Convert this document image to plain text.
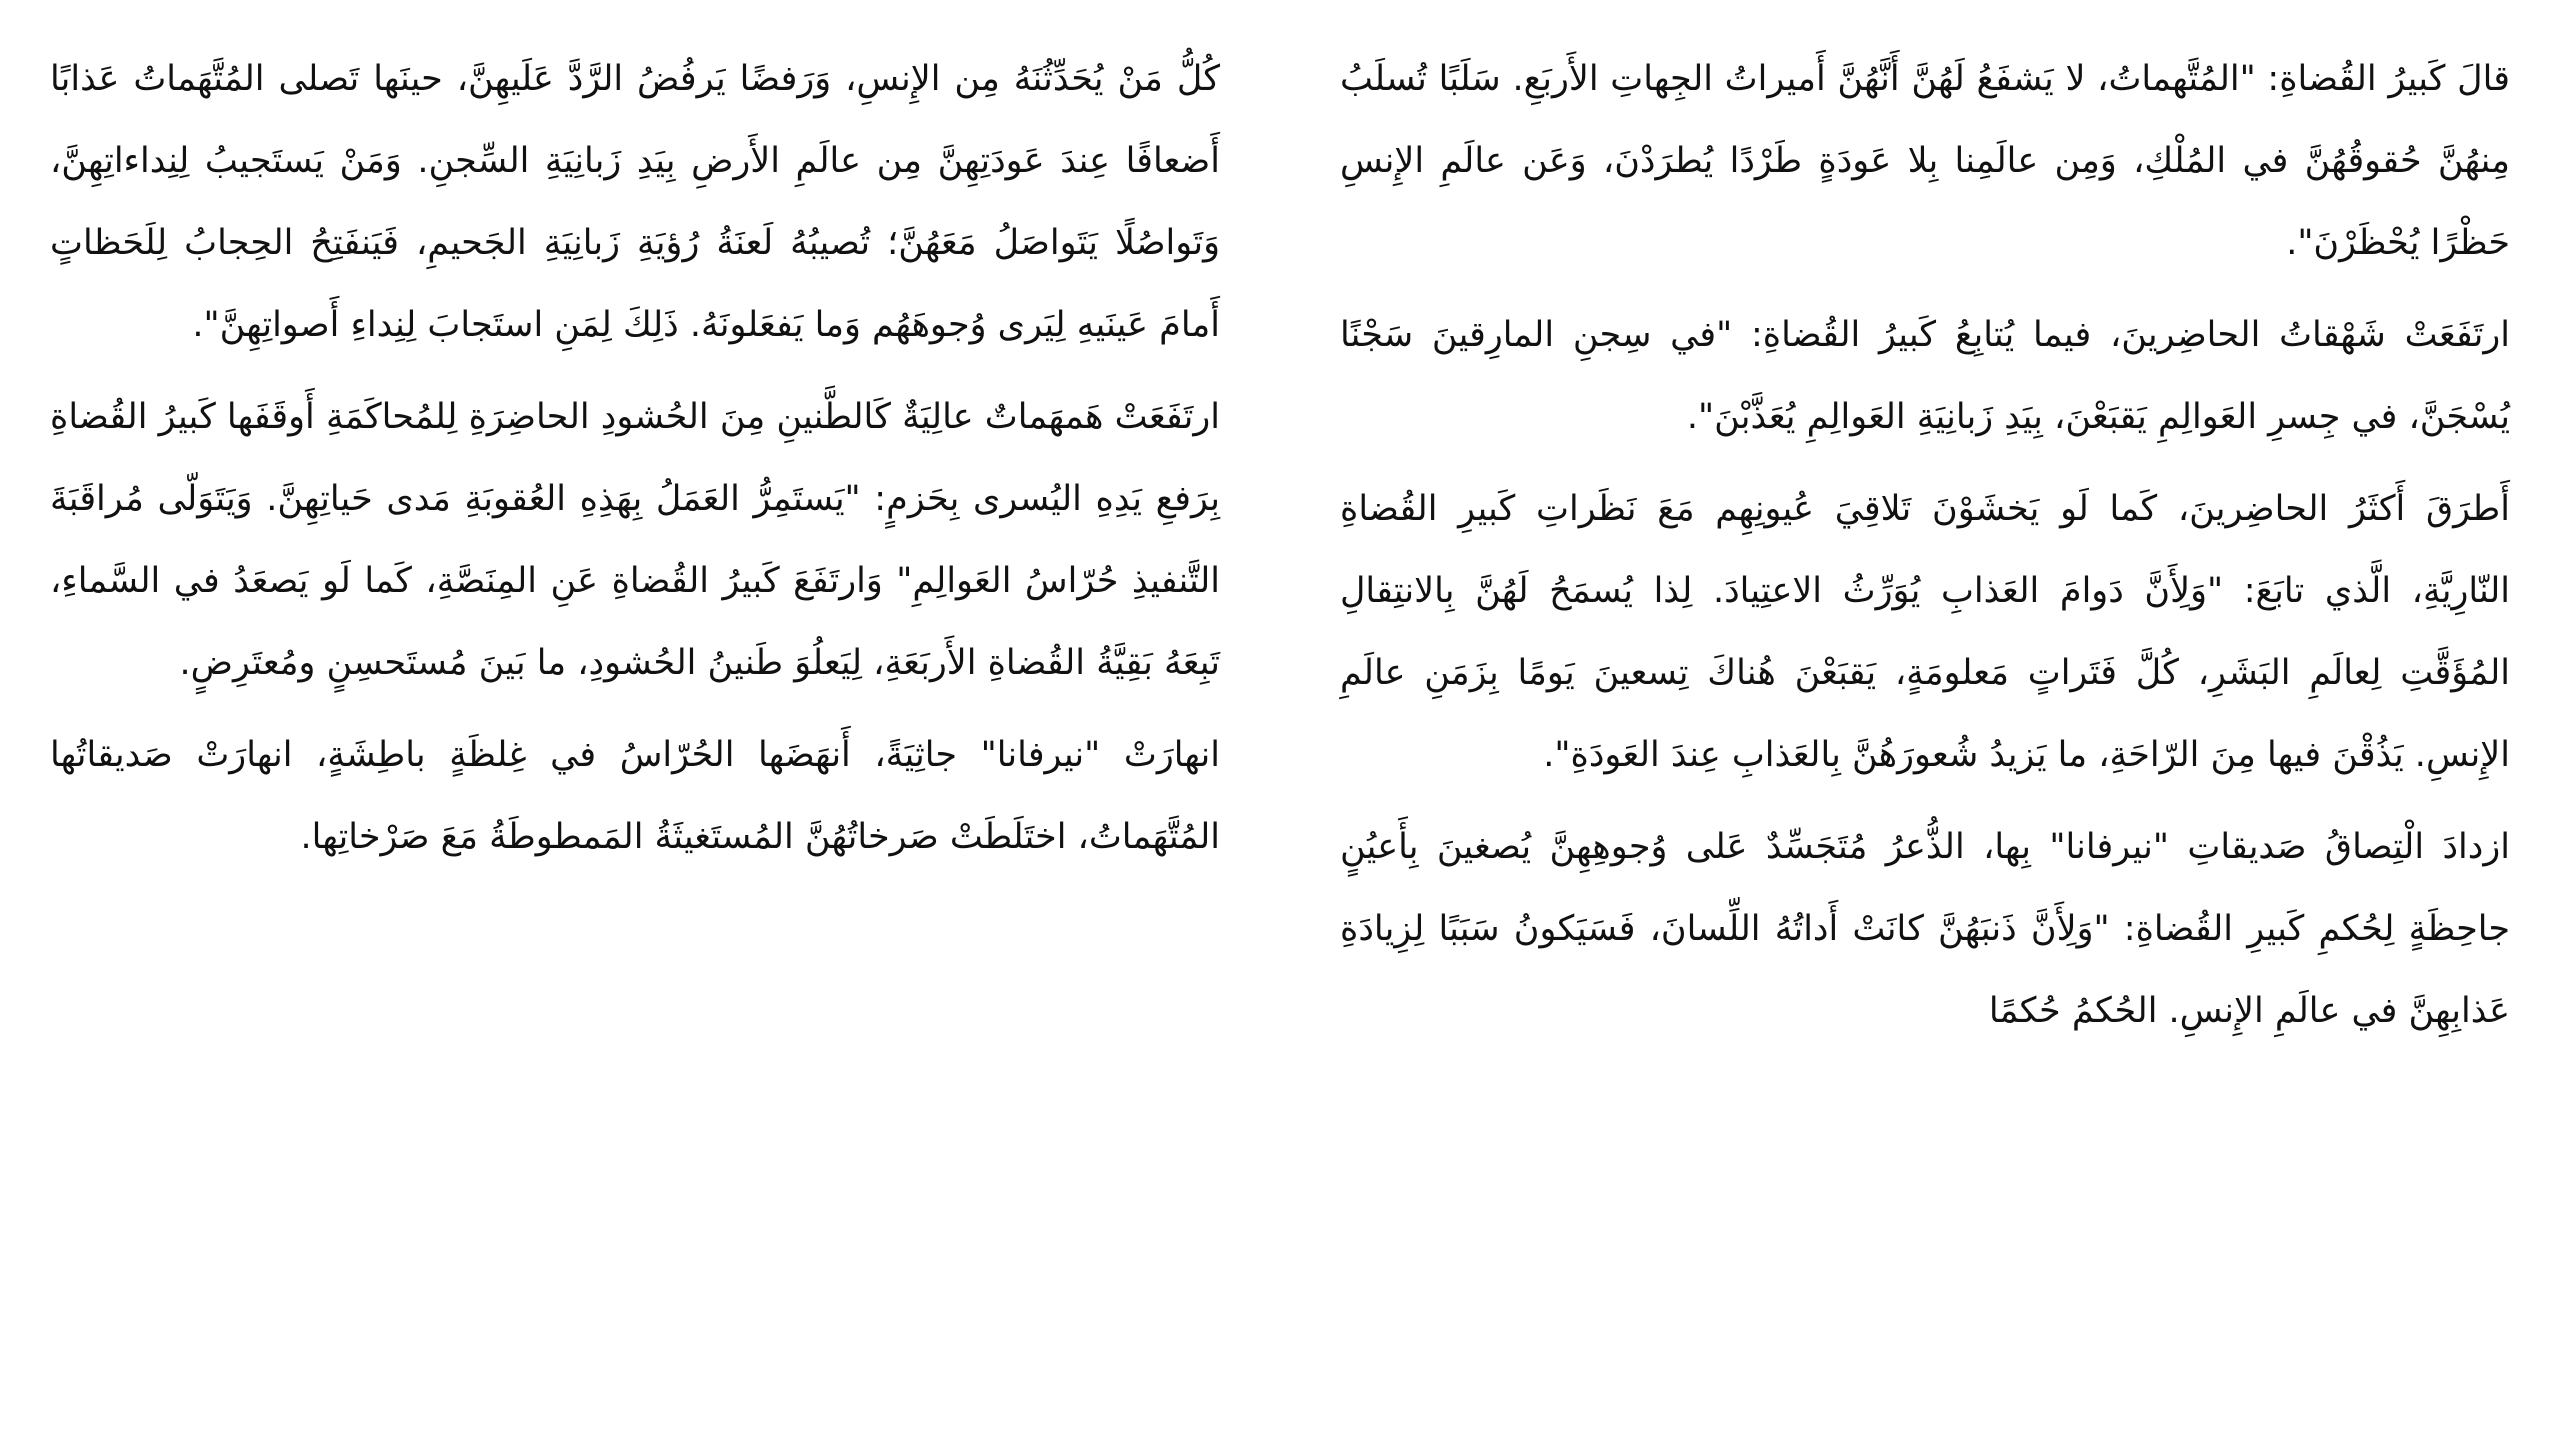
قالَ كَبيرُ القُضاةِ: "المُتَّهماتُ، لا يَشفَعُ لَهُنَّ أَنَّهُنَّ أَميراتُ الجِهاتِ الأَربَعِ. سَلَبًا تُسلَبُ مِنهُنَّ حُقوقُهُنَّ في المُلْكِ، وَمِن عالَمِنا بِلا عَودَةٍ طَرْدًا يُطرَدْنَ، وَعَن عالَمِ الإِنسِ حَظْرًا يُحْظَرْنَ".

ارتَفَعَتْ شَهْقاتُ الحاضِرينَ، فيما يُتابِعُ كَبيرُ القُضاةِ: "في سِجنِ المارِقينَ سَجْنًا يُسْجَنَّ، في جِسرِ العَوالِمِ يَقبَعْنَ، بِيَدِ زَبانِيَةِ العَوالِمِ يُعَذَّبْنَ".

أَطرَقَ أَكثَرُ الحاضِرينَ، كَما لَو يَخشَوْنَ تَلاقِيَ عُيونِهِم مَعَ نَظَراتِ كَبيرِ القُضاةِ النّارِيَّةِ، الَّذي تابَعَ: "وَلِأَنَّ دَوامَ العَذابِ يُوَرِّثُ الاعتِيادَ. لِذا يُسمَحُ لَهُنَّ بِالانتِقالِ المُؤَقَّتِ لِعالَمِ البَشَرِ، كُلَّ فَتَراتٍ مَعلومَةٍ، يَقبَعْنَ هُناكَ تِسعينَ يَومًا بِزَمَنِ عالَمِ الإِنسِ. يَذُقْنَ فيها مِنَ الرّاحَةِ، ما يَزيدُ شُعورَهُنَّ بِالعَذابِ عِندَ العَودَةِ".

ازدادَ الْتِصاقُ صَديقاتِ "نيرفانا" بِها، الذُّعرُ مُتَجَسِّدٌ عَلى وُجوهِهِنَّ يُصغينَ بِأَعيُنٍ جاحِظَةٍ لِحُكمِ كَبيرِ القُضاةِ: "وَلِأَنَّ ذَنبَهُنَّ كانَتْ أَداتُهُ اللِّسانَ، فَسَيَكونُ سَبَبًا لِزِيادَةِ عَذابِهِنَّ في عالَمِ الإِنسِ. الحُكمُ حُكمًا

كُلُّ مَنْ يُحَدِّثُنَهُ مِن الإِنسِ، وَرَفضًا يَرفُضُ الرَّدَّ عَلَيهِنَّ، حينَها تَصلى المُتَّهَماتُ عَذابًا أَضعافًا عِندَ عَودَتِهِنَّ مِن عالَمِ الأَرضِ بِيَدِ زَبانِيَةِ السِّجنِ. وَمَنْ يَستَجيبُ لِنِداءاتِهِنَّ، وَتَواصُلًا يَتَواصَلُ مَعَهُنَّ؛ تُصيبُهُ لَعنَةُ رُؤيَةِ زَبانِيَةِ الجَحيمِ، فَيَنفَتِحُ الحِجابُ لِلَحَظاتٍ أَمامَ عَينَيهِ لِيَرى وُجوهَهُم وَما يَفعَلونَهُ. ذَلِكَ لِمَنِ استَجابَ لِنِداءِ أَصواتِهِنَّ".

ارتَفَعَتْ هَمهَماتٌ عالِيَةٌ كَالطَّنينِ مِنَ الحُشودِ الحاضِرَةِ لِلمُحاكَمَةِ أَوقَفَها كَبيرُ القُضاةِ بِرَفعِ يَدِهِ اليُسرى بِحَزمٍ: "يَستَمِرُّ العَمَلُ بِهَذِهِ العُقوبَةِ مَدى حَياتِهِنَّ. وَيَتَوَلّى مُراقَبَةَ التَّنفيذِ حُرّاسُ العَوالِمِ" وَارتَفَعَ كَبيرُ القُضاةِ عَنِ المِنَصَّةِ، كَما لَو يَصعَدُ في السَّماءِ، تَبِعَهُ بَقِيَّةُ القُضاةِ الأَربَعَةِ، لِيَعلُوَ طَنينُ الحُشودِ، ما بَينَ مُستَحسِنٍ ومُعتَرِضٍ.

انهارَتْ "نيرفانا" جاثِيَةً، أَنهَضَها الحُرّاسُ في غِلظَةٍ باطِشَةٍ، انهارَتْ صَديقاتُها المُتَّهَماتُ، اختَلَطَتْ صَرخاتُهُنَّ المُستَغيثَةُ المَمطوطَةُ مَعَ صَرْخاتِها.
